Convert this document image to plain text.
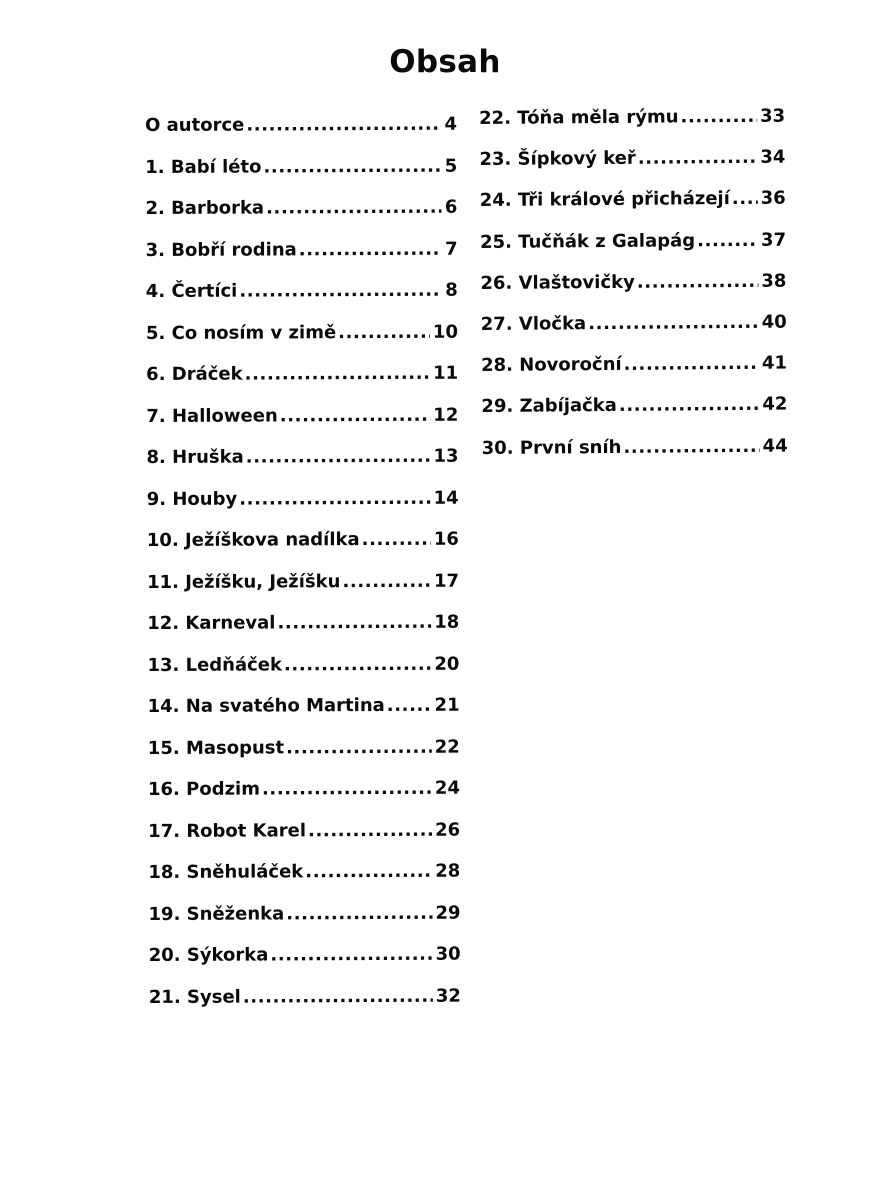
Obsah
O autorce .....	4
1. Babí léto .....	5
2. Barborka .....	6
3. Bobří rodina .....	7
4. Čertíci .....	8
5. Co nosím v zimě .....	10
6. Dráček .....	11
7. Halloween .....	12
8. Hruška .....	13
9. Houby .....	14
10. Ježíškova nadílka .....	16
11. Ježíšku, Ježíšku .....	17
12. Karneval .....	18
13. Ledňáček .....	20
14. Na svatého Martina .....	21
15. Masopust .....	22
16. Podzim .....	24
17. Robot Karel .....	26
18. Sněhuláček .....	28
19. Sněženka .....	29
20. Sýkorka .....	30
21. Sysel .....	32
22. Tóňa měla rýmu .....	33
23. Šípkový keř .....	34
24. Tři králové přicházejí ..... 36
25. Tučňák z Galapág .....	37
26. Vlaštovičky .....	38
27. Vločka .....	40
28. Novoroční .....	41
29. Zabíjačka .....	42
30. První sníh .....	44
